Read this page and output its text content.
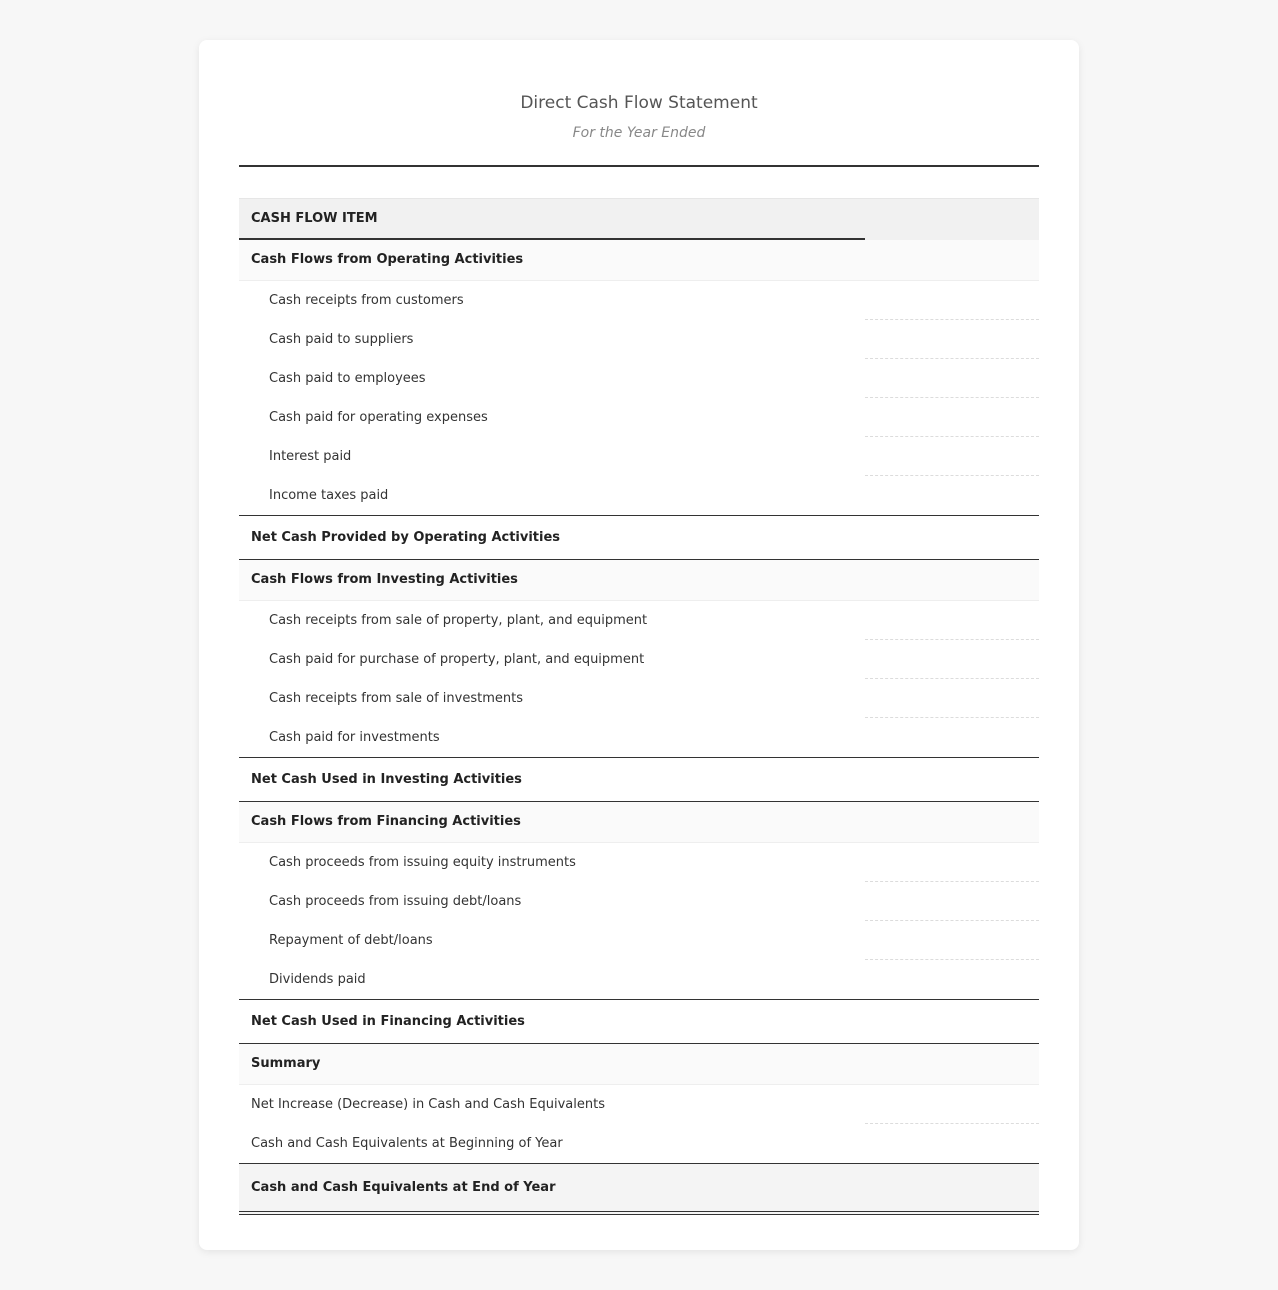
Direct Cash Flow Statement
For the Year Ended
CASH FLOW ITEM
Cash Flows from Operating Activities
Cash receipts from customers
Cash paid to suppliers
Cash paid to employees
Cash paid for operating expenses
Interest paid
Income taxes paid
Net Cash Provided by Operating Activities
Cash Flows from Investing Activities
Cash receipts from sale of property, plant, and equipment
Cash paid for purchase of property, plant, and equipment
Cash receipts from sale of investments
Cash paid for investments
Net Cash Used in Investing Activities
Cash Flows from Financing Activities
Cash proceeds from issuing equity instruments
Cash proceeds from issuing debt/loans
Repayment of debt/loans
Dividends paid
Net Cash Used in Financing Activities
Summary
Net Increase (Decrease) in Cash and Cash Equivalents
Cash and Cash Equivalents at Beginning of Year
Cash and Cash Equivalents at End of Year
